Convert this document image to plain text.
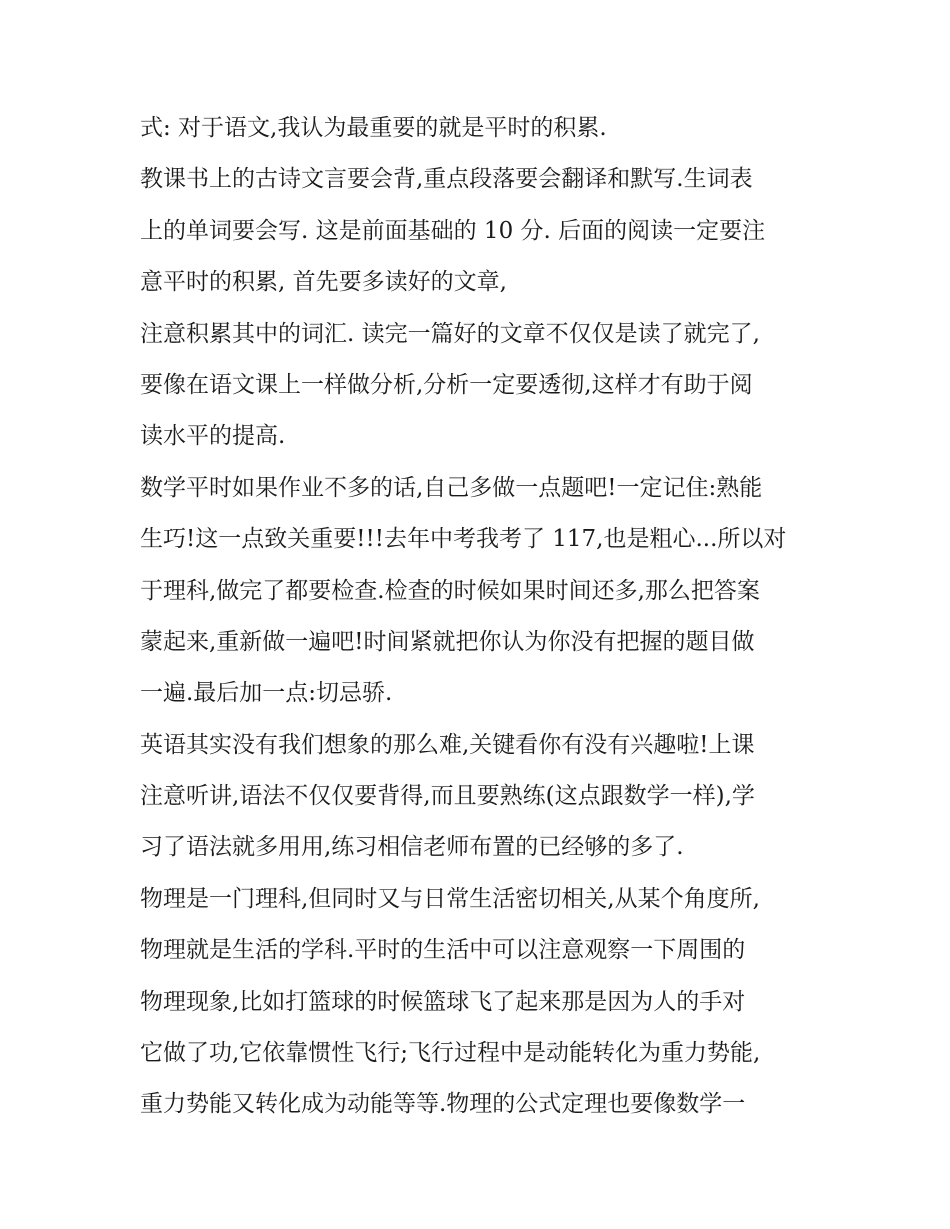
式: 对于语文,我认为最重要的就是平时的积累.
教课书上的古诗文言要会背,重点段落要会翻译和默写.生词表
上的单词要会写. 这是前面基础的 10 分. 后面的阅读一定要注
意平时的积累, 首先要多读好的文章,
注意积累其中的词汇. 读完一篇好的文章不仅仅是读了就完了,
要像在语文课上一样做分析,分析一定要透彻,这样才有助于阅
读水平的提高.
数学平时如果作业不多的话,自己多做一点题吧!一定记住:熟能
生巧!这一点致关重要!!!去年中考我考了 117,也是粗心...所以对
于理科,做完了都要检查.检查的时候如果时间还多,那么把答案
蒙起来,重新做一遍吧!时间紧就把你认为你没有把握的题目做
一遍.最后加一点:切忌骄.
英语其实没有我们想象的那么难,关键看你有没有兴趣啦!上课
注意听讲,语法不仅仅要背得,而且要熟练(这点跟数学一样),学
习了语法就多用用,练习相信老师布置的已经够的多了.
物理是一门理科,但同时又与日常生活密切相关,从某个角度所,
物理就是生活的学科.平时的生活中可以注意观察一下周围的
物理现象,比如打篮球的时候篮球飞了起来那是因为人的手对
它做了功,它依靠惯性飞行;飞行过程中是动能转化为重力势能,
重力势能又转化成为动能等等.物理的公式定理也要像数学一
